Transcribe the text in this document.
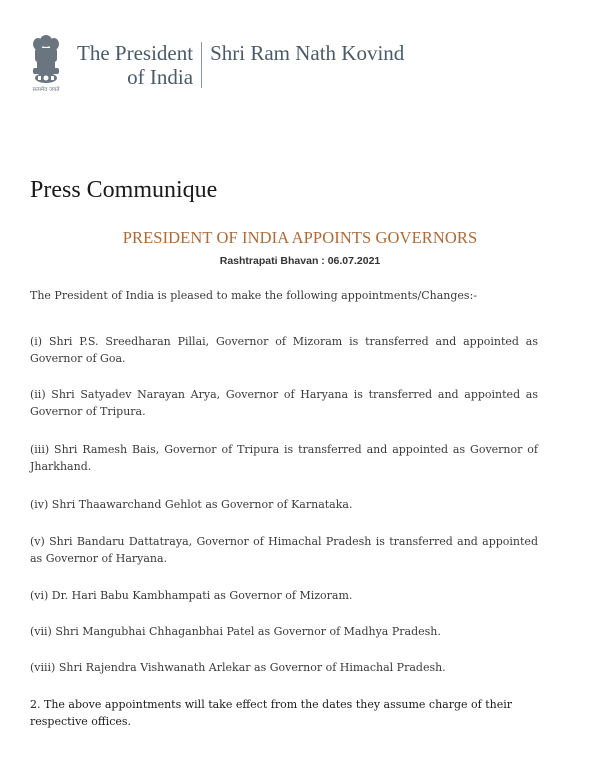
सत्यमेव जयते
The President
of India
Shri Ram Nath Kovind
Press Communique
PRESIDENT OF INDIA APPOINTS GOVERNORS
Rashtrapati Bhavan : 06.07.2021
The President of India is pleased to make the following appointments/Changes:-

(i) Shri P.S. Sreedharan Pillai, Governor of Mizoram is transferred and appointed as Governor of Goa.

(ii) Shri Satyadev Narayan Arya, Governor of Haryana is transferred and appointed as Governor of Tripura.

(iii) Shri Ramesh Bais, Governor of Tripura is transferred and appointed as Governor of Jharkhand.

(iv) Shri Thaawarchand Gehlot as Governor of Karnataka.

(v) Shri Bandaru Dattatraya, Governor of Himachal Pradesh is transferred and appointed as Governor of Haryana.

(vi) Dr. Hari Babu Kambhampati as Governor of Mizoram.

(vii) Shri Mangubhai Chhaganbhai Patel as Governor of Madhya Pradesh.

(viii) Shri Rajendra Vishwanath Arlekar as Governor of Himachal Pradesh.

2. The above appointments will take effect from the dates they assume charge of their respective offices.
